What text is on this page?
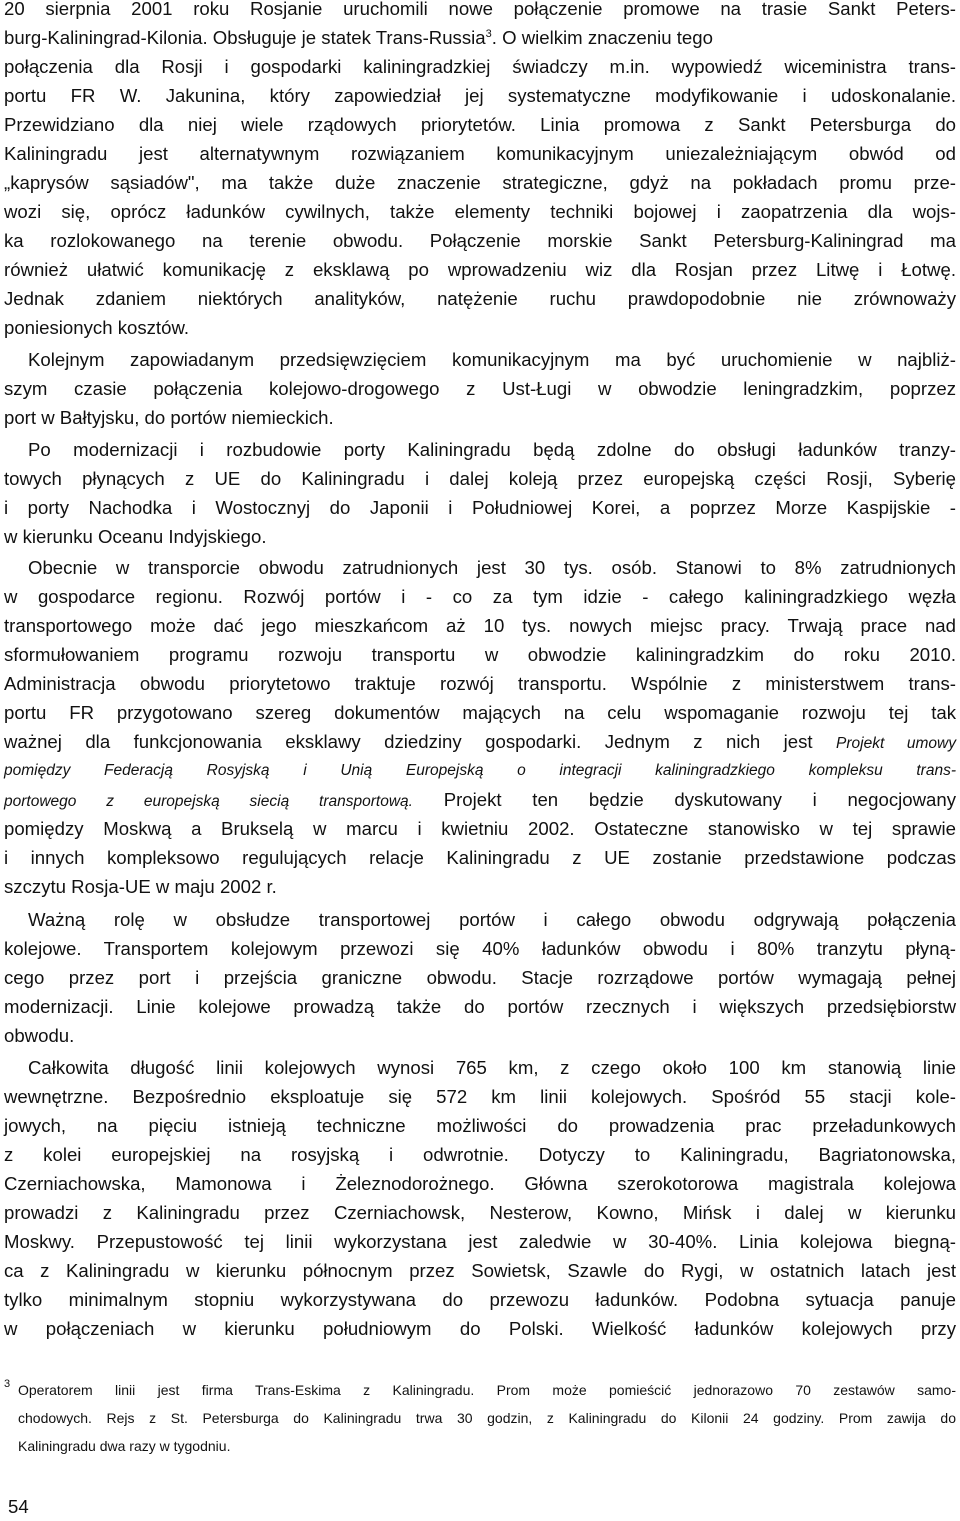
20 sierpnia 2001 roku Rosjanie uruchomili nowe połączenie promowe na trasie Sankt Peters-
burg-Kaliningrad-Kilonia. Obsługuje je statek Trans-Russia$^3$. O wielkim znaczeniu tego
połączenia dla Rosji i gospodarki kaliningradzkiej świadczy m.in. wypowiedź wiceministra trans-
portu FR W. Jakunina, który zapowiedział jej systematyczne modyfikowanie i udoskonalanie.
Przewidziano dla niej wiele rządowych priorytetów. Linia promowa z Sankt Petersburga do
Kaliningradu jest alternatywnym rozwiązaniem komunikacyjnym uniezależniającym obwód od
„kaprysów sąsiadów", ma także duże znaczenie strategiczne, gdyż na pokładach promu prze-
wozi się, oprócz ładunków cywilnych, także elementy techniki bojowej i zaopatrzenia dla wojs-
ka rozlokowanego na terenie obwodu. Połączenie morskie Sankt Petersburg-Kaliningrad ma
również ułatwić komunikację z eksklawą po wprowadzeniu wiz dla Rosjan przez Litwę i Łotwę.
Jednak zdaniem niektórych analityków, natężenie ruchu prawdopodobnie nie zrównoważy
poniesionych kosztów.
Kolejnym zapowiadanym przedsięwzięciem komunikacyjnym ma być uruchomienie w najbliż-
szym czasie połączenia kolejowo-drogowego z Ust-Ługi w obwodzie leningradzkim, poprzez
port w Bałtyjsku, do portów niemieckich.
Po modernizacji i rozbudowie porty Kaliningradu będą zdolne do obsługi ładunków tranzy-
towych płynących z UE do Kaliningradu i dalej koleją przez europejską części Rosji, Syberię
i porty Nachodka i Wostocznyj do Japonii i Południowej Korei, a poprzez Morze Kaspijskie -
w kierunku Oceanu Indyjskiego.
Obecnie w transporcie obwodu zatrudnionych jest 30 tys. osób. Stanowi to 8% zatrudnionych
w gospodarce regionu. Rozwój portów i - co za tym idzie - całego kaliningradzkiego węzła
transportowego może dać jego mieszkańcom aż 10 tys. nowych miejsc pracy. Trwają prace nad
sformułowaniem programu rozwoju transportu w obwodzie kaliningradzkim do roku 2010.
Administracja obwodu priorytetowo traktuje rozwój transportu. Wspólnie z ministerstwem trans-
portu FR przygotowano szereg dokumentów mających na celu wspomaganie rozwoju tej tak
ważnej dla funkcjonowania eksklawy dziedziny gospodarki. Jednym z nich jest Projekt umowy
pomiędzy Federacją Rosyjską i Unią Europejską o integracji kaliningradzkiego kompleksu trans-
portowego z europejską siecią transportową. Projekt ten będzie dyskutowany i negocjowany
pomiędzy Moskwą a Brukselą w marcu i kwietniu 2002. Ostateczne stanowisko w tej sprawie
i innych kompleksowo regulujących relacje Kaliningradu z UE zostanie przedstawione podczas
szczytu Rosja-UE w maju 2002 r.
Ważną rolę w obsłudze transportowej portów i całego obwodu odgrywają połączenia
kolejowe. Transportem kolejowym przewozi się 40% ładunków obwodu i 80% tranzytu płyną-
cego przez port i przejścia graniczne obwodu. Stacje rozrządowe portów wymagają pełnej
modernizacji. Linie kolejowe prowadzą także do portów rzecznych i większych przedsiębiorstw
obwodu.
Całkowita długość linii kolejowych wynosi 765 km, z czego około 100 km stanowią linie
wewnętrzne. Bezpośrednio eksploatuje się 572 km linii kolejowych. Spośród 55 stacji kole-
jowych, na pięciu istnieją techniczne możliwości do prowadzenia prac przeładunkowych
z kolei europejskiej na rosyjską i odwrotnie. Dotyczy to Kaliningradu, Bagriatonowska,
Czerniachowska, Mamonowa i Żeleznodorożnego. Główna szerokotorowa magistrala kolejowa
prowadzi z Kaliningradu przez Czerniachowsk, Nesterow, Kowno, Mińsk i dalej w kierunku
Moskwy. Przepustowość tej linii wykorzystana jest zaledwie w 30-40%. Linia kolejowa biegną-
ca z Kaliningradu w kierunku północnym przez Sowietsk, Szawle do Rygi, w ostatnich latach jest
tylko minimalnym stopniu wykorzystywana do przewozu ładunków. Podobna sytuacja panuje
w połączeniach w kierunku południowym do Polski. Wielkość ładunków kolejowych przy
3 Operatorem linii jest firma Trans-Eskima z Kaliningradu. Prom może pomieścić jednorazowo 70 zestawów samo-
chodowych. Rejs z St. Petersburga do Kaliningradu trwa 30 godzin, z Kaliningradu do Kilonii 24 godziny. Prom zawija do
Kaliningradu dwa razy w tygodniu.
54
